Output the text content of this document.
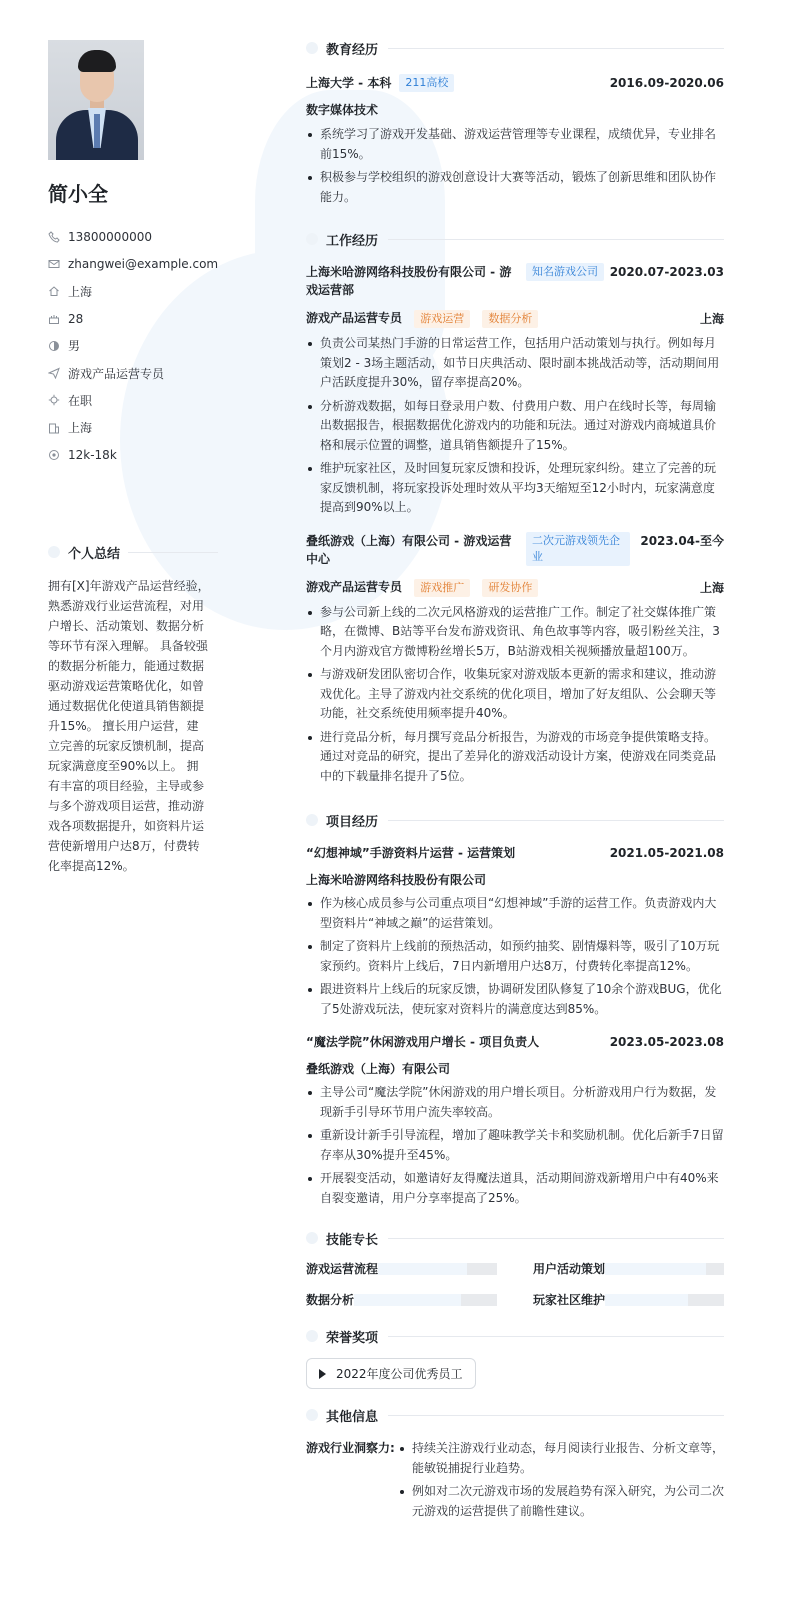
简小全
13800000000
zhangwei@example.com
上海
28
男
游戏产品运营专员
在职
上海
12k-18k
个人总结
拥有[X]年游戏产品运营经验，熟悉游戏行业运营流程，对用户增长、活动策划、数据分析等环节有深入理解。 具备较强的数据分析能力，能通过数据驱动游戏运营策略优化，如曾通过数据优化使道具销售额提升15%。 擅长用户运营，建立完善的玩家反馈机制，提高玩家满意度至90%以上。 拥有丰富的项目经验，主导或参与多个游戏项目运营，推动游戏各项数据提升，如资料片运营使新增用户达8万，付费转化率提高12%。
教育经历
上海大学 - 本科	211高校	2016.09-2020.06
数字媒体技术
系统学习了游戏开发基础、游戏运营管理等专业课程，成绩优异，专业排名前15%。
积极参与学校组织的游戏创意设计大赛等活动，锻炼了创新思维和团队协作能力。
工作经历
上海米哈游网络科技股份有限公司 - 游戏运营部
知名游戏公司 2020.07-2023.03
游戏产品运营专员 游戏运营 数据分析	上海
负责公司某热门手游的日常运营工作，包括用户活动策划与执行。例如每月策划2 - 3场主题活动，如节日庆典活动、限时副本挑战活动等，活动期间用户活跃度提升30%，留存率提高20%。
分析游戏数据，如每日登录用户数、付费用户数、用户在线时长等，每周输出数据报告，根据数据优化游戏内的功能和玩法。通过对游戏内商城道具价格和展示位置的调整，道具销售额提升了15%。
维护玩家社区，及时回复玩家反馈和投诉，处理玩家纠纷。建立了完善的玩家反馈机制，将玩家投诉处理时效从平均3天缩短至12小时内，玩家满意度提高到90%以上。
叠纸游戏（上海）有限公司 - 游戏运营中心
二次元游戏领先企业
2023.04-至今
游戏产品运营专员 游戏推广 研发协作	上海
参与公司新上线的二次元风格游戏的运营推广工作。制定了社交媒体推广策略，在微博、B站等平台发布游戏资讯、角色故事等内容，吸引粉丝关注，3个月内游戏官方微博粉丝增长5万，B站游戏相关视频播放量超100万。
与游戏研发团队密切合作，收集玩家对游戏版本更新的需求和建议，推动游戏优化。主导了游戏内社交系统的优化项目，增加了好友组队、公会聊天等功能，社交系统使用频率提升40%。
进行竞品分析，每月撰写竞品分析报告，为游戏的市场竞争提供策略支持。通过对竞品的研究，提出了差异化的游戏活动设计方案，使游戏在同类竞品中的下载量排名提升了5位。
项目经历
“幻想神域”手游资料片运营 - 运营策划	2021.05-2021.08
上海米哈游网络科技股份有限公司
作为核心成员参与公司重点项目“幻想神域”手游的运营工作。负责游戏内大型资料片“神域之巅”的运营策划。
制定了资料片上线前的预热活动，如预约抽奖、剧情爆料等，吸引了10万玩家预约。资料片上线后，7日内新增用户达8万，付费转化率提高12%。
跟进资料片上线后的玩家反馈，协调研发团队修复了10余个游戏BUG，优化了5处游戏玩法，使玩家对资料片的满意度达到85%。
“魔法学院”休闲游戏用户增长 - 项目负责人	2023.05-2023.08
叠纸游戏（上海）有限公司
主导公司“魔法学院”休闲游戏的用户增长项目。分析游戏用户行为数据，发现新手引导环节用户流失率较高。
重新设计新手引导流程，增加了趣味教学关卡和奖励机制。优化后新手7日留存率从30%提升至45%。
开展裂变活动，如邀请好友得魔法道具，活动期间游戏新增用户中有40%来自裂变邀请，用户分享率提高了25%。
技能专长
游戏运营流程	用户活动策划
数据分析	玩家社区维护
荣誉奖项
2022年度公司优秀员工
其他信息
游戏行业洞察力:	持续关注游戏行业动态，每月阅读行业报告、分析文章等，能敏锐捕捉行业趋势。
例如对二次元游戏市场的发展趋势有深入研究，为公司二次元游戏的运营提供了前瞻性建议。
